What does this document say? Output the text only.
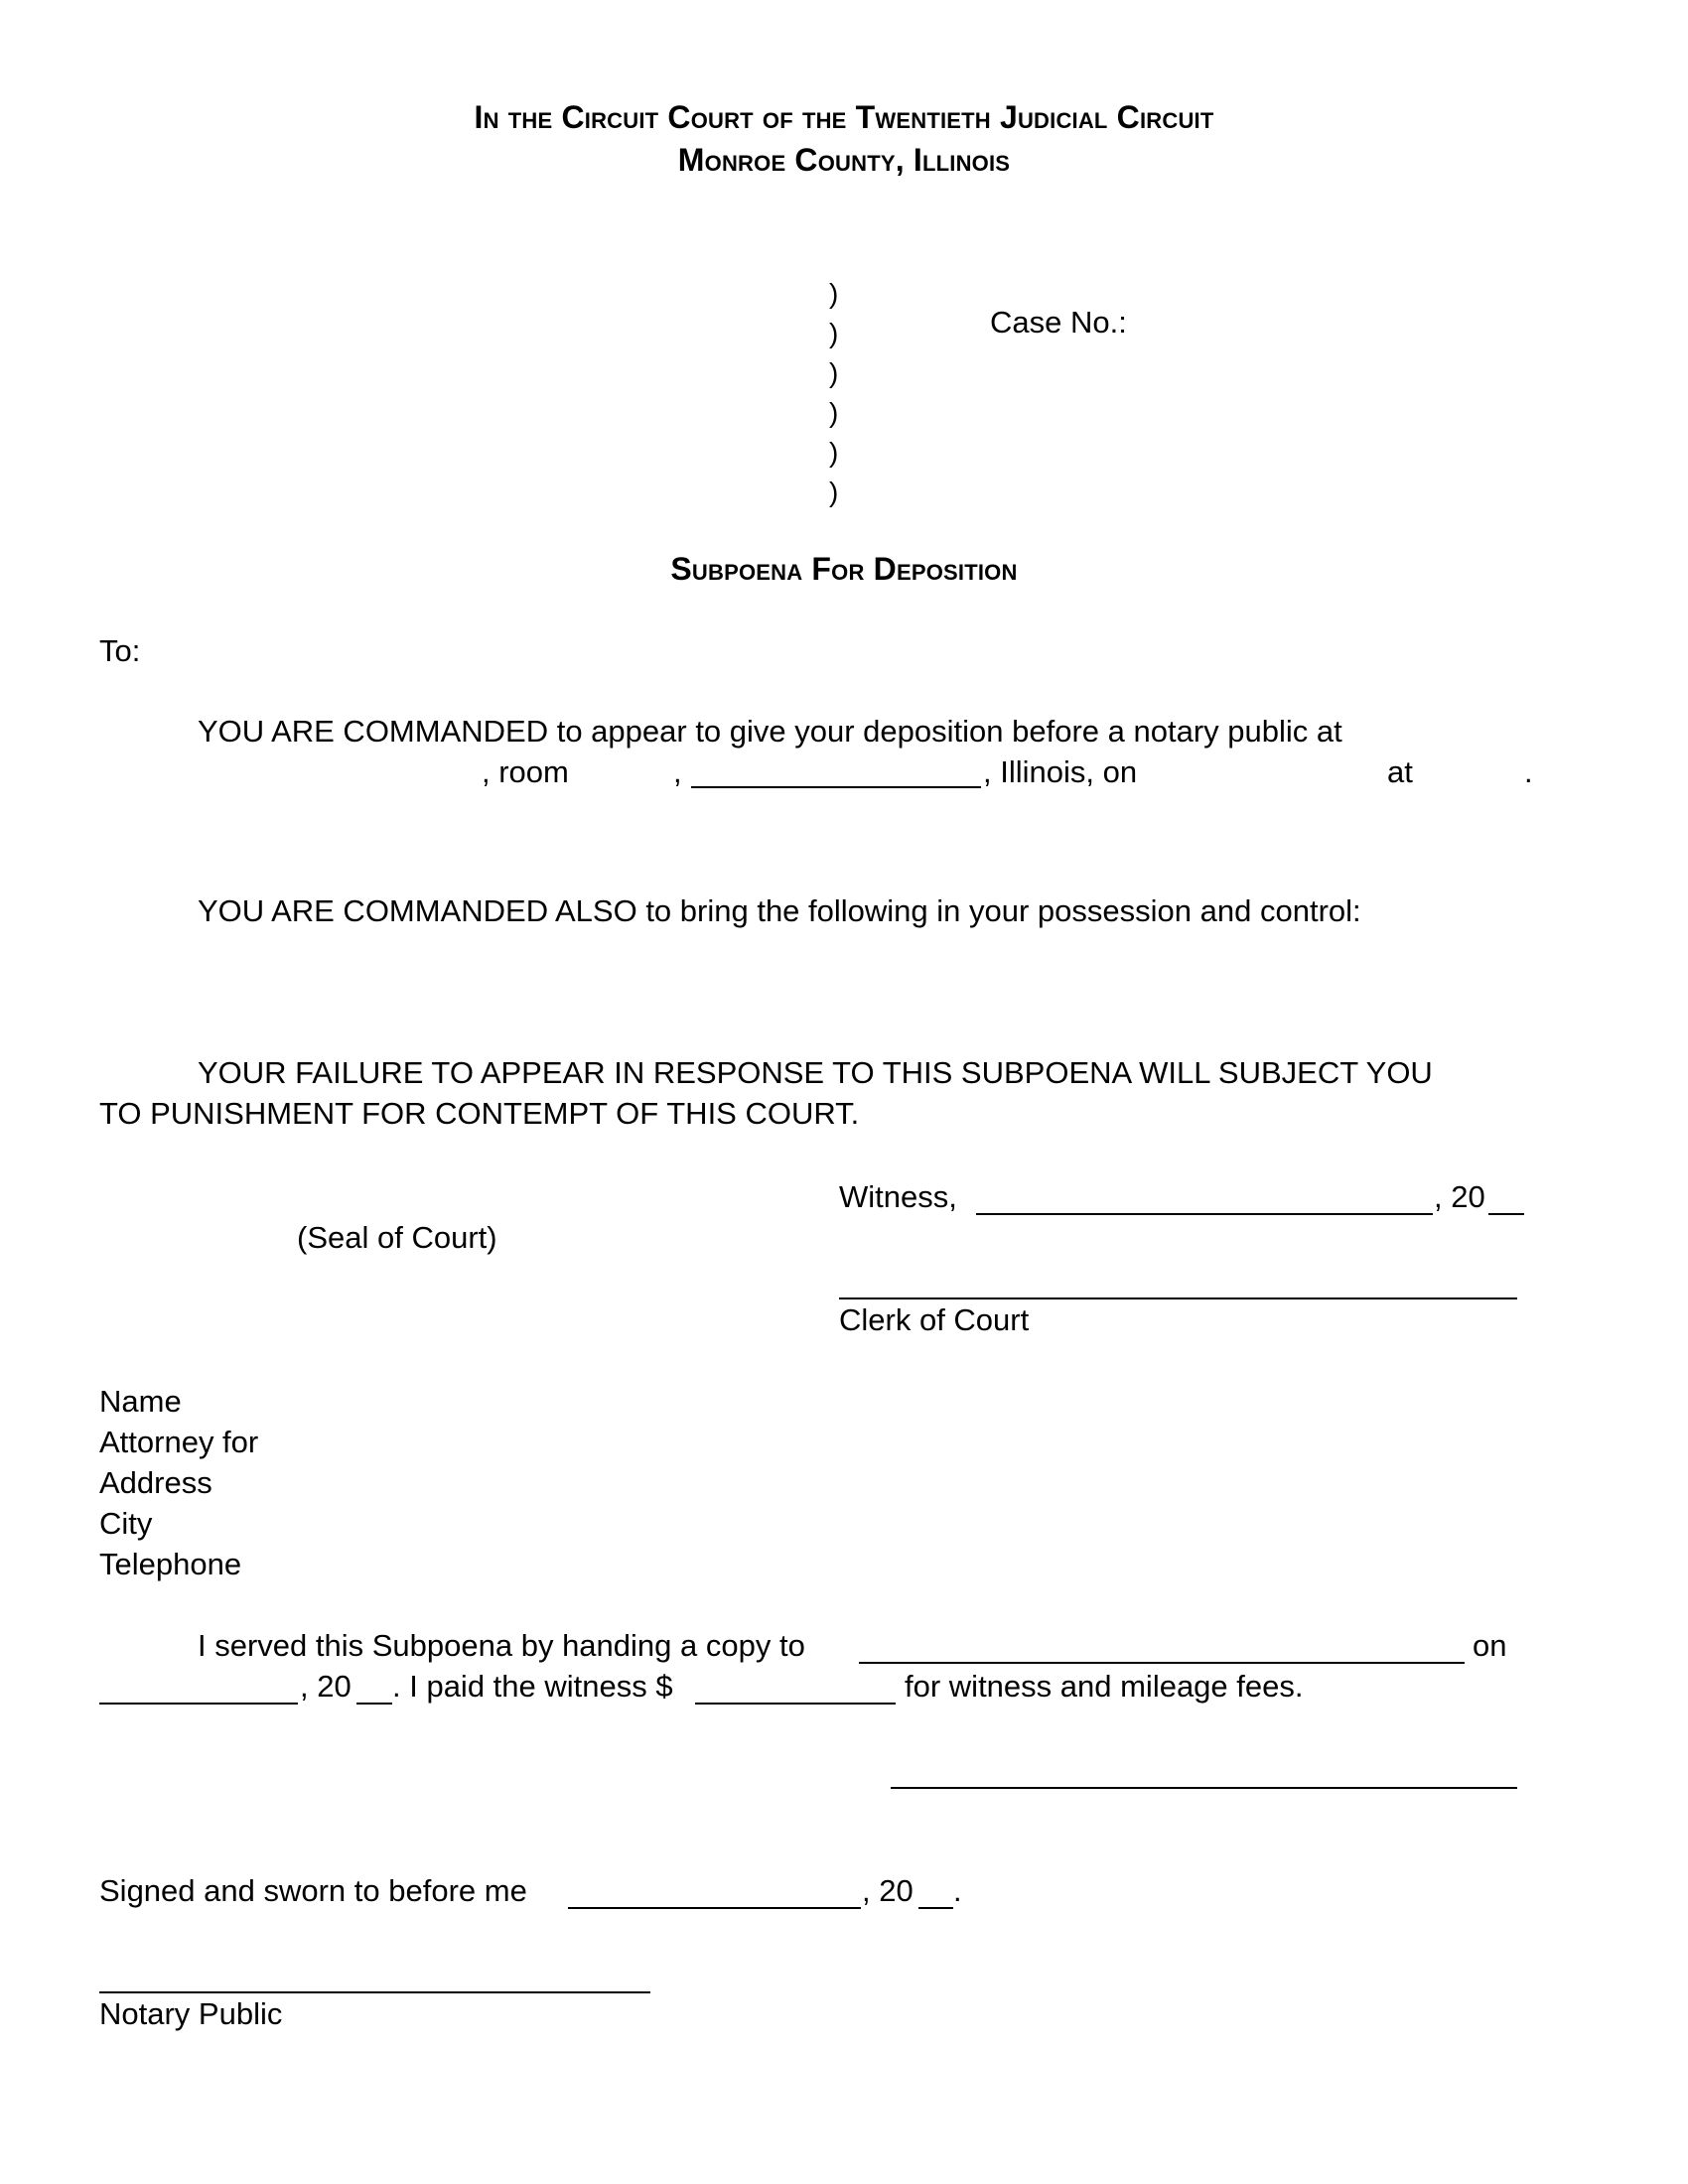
In the Circuit Court of the Twentieth Judicial Circuit
Monroe County, Illinois
)
)
)
)
)
)
Case No.:
Subpoena For Deposition
To:
YOU ARE COMMANDED to appear to give your deposition before a notary public at
, room	,	, Illinois, on	at	.
YOU ARE COMMANDED ALSO to bring the following in your possession and control:
YOUR FAILURE TO APPEAR IN RESPONSE TO THIS SUBPOENA WILL SUBJECT YOU
TO PUNISHMENT FOR CONTEMPT OF THIS COURT.
Witness,	, 20
(Seal of Court)
Clerk of Court
Name
Attorney for
Address
City
Telephone
I served this Subpoena by handing a copy to	on
, 20 . I paid the witness $	for witness and mileage fees.
Signed and sworn to before me	, 20 .
Notary Public
